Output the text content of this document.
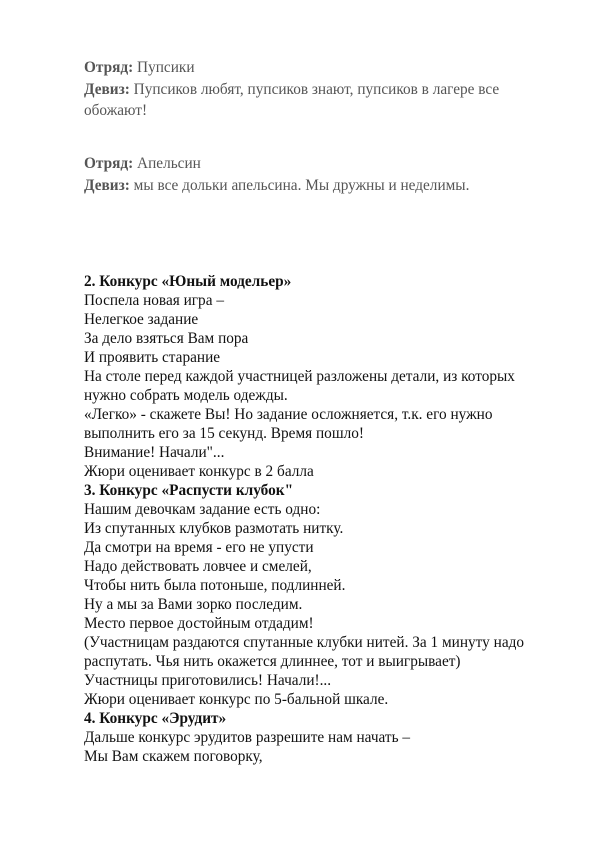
Отряд: Пупсики

Девиз: Пупсиков любят, пупсиков знают, пупсиков в лагере все

обожают!

Отряд: Апельсин

Девиз: мы все дольки апельсина. Мы дружны и неделимы.

2. Конкурс «Юный модельер»

Поспела новая игра –

Нелегкое задание

За дело взяться Вам пора

И проявить старание

На столе перед каждой участницей разложены детали, из которых

нужно собрать модель одежды.

«Легко» - скажете Вы! Но задание осложняется, т.к. его нужно

выполнить его за 15 секунд. Время пошло!

Внимание! Начали"...

Жюри оценивает конкурс в 2 балла

3. Конкурс «Распусти клубок"

Нашим девочкам задание есть одно:

Из спутанных клубков размотать нитку.

Да смотри на время - его не упусти

Надо действовать ловчее и смелей,

Чтобы нить была потоньше, подлинней.

Ну а мы за Вами зорко последим.

Место первое достойным отдадим!

(Участницам раздаются спутанные клубки нитей. За 1 минуту надо

распутать. Чья нить окажется длиннее, тот и выигрывает)

Участницы приготовились! Начали!...

Жюри оценивает конкурс по 5-бальной шкале.

4. Конкурс «Эрудит»

Дальше конкурс эрудитов разрешите нам начать –

Мы Вам скажем поговорку,
